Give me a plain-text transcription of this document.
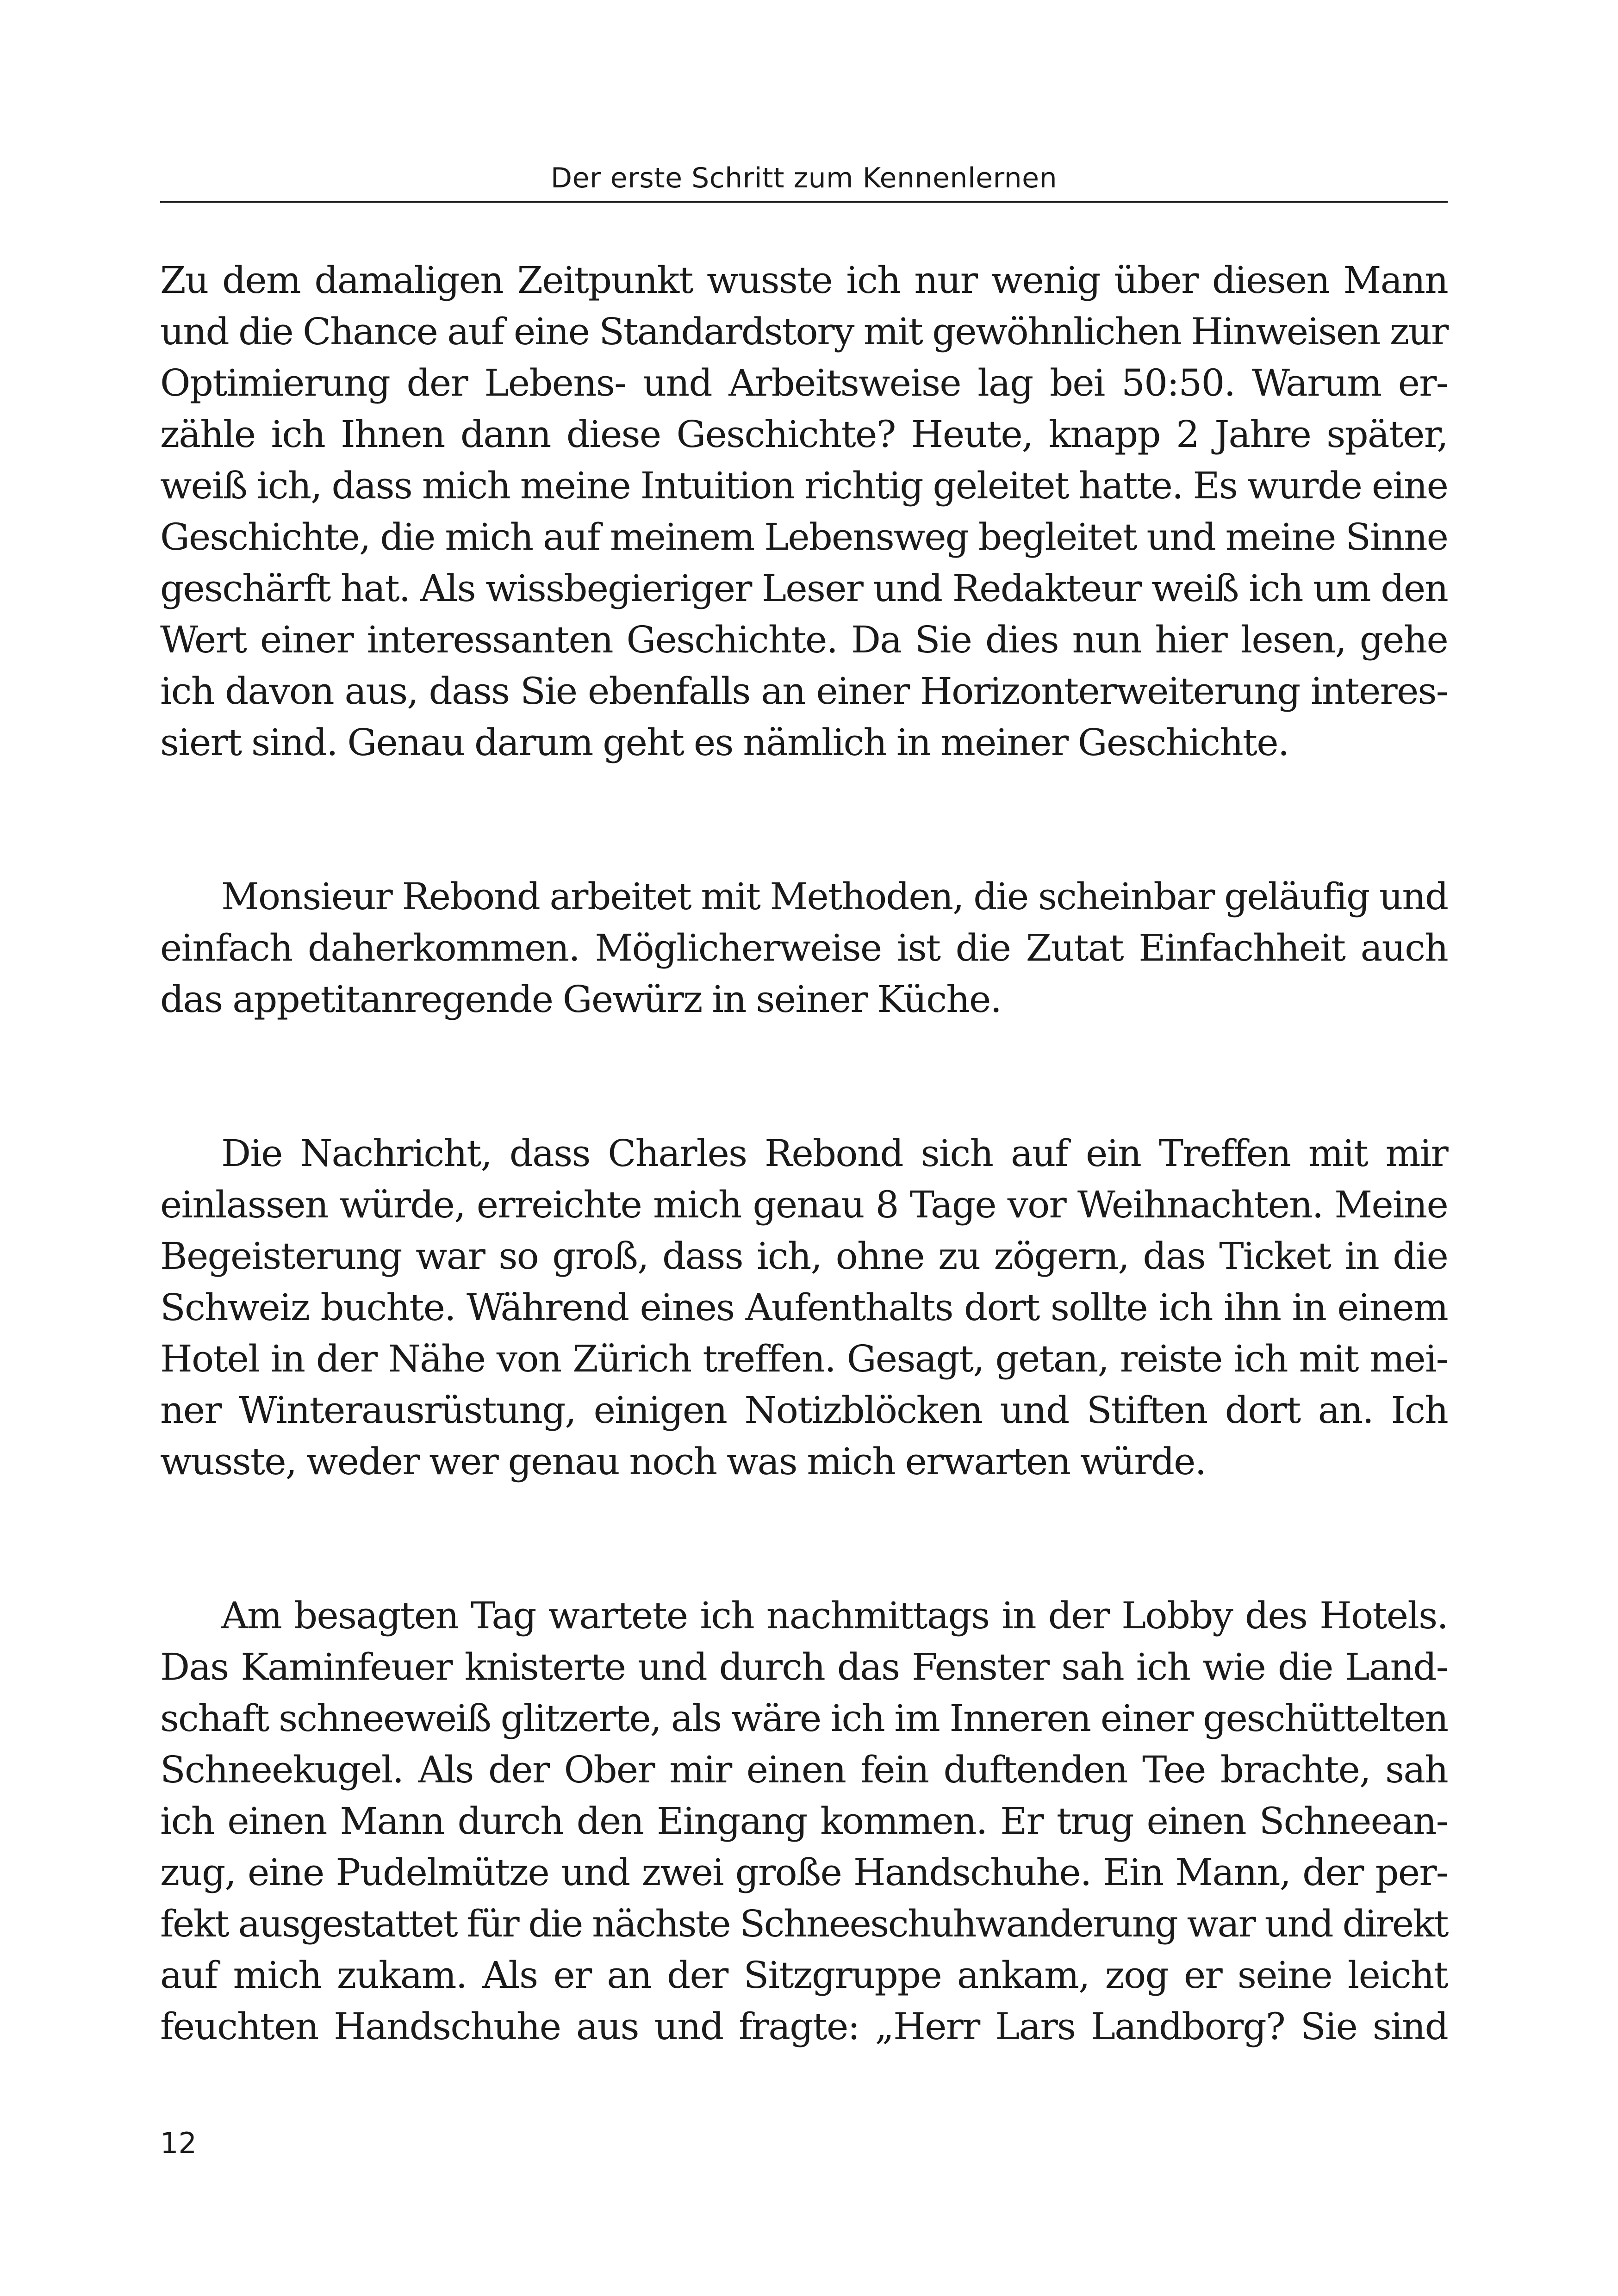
Der erste Schritt zum Kennenlernen

Zu dem damaligen Zeitpunkt wusste ich nur wenig über diesen Mann
und die Chance auf eine Standardstory mit gewöhnlichen Hinweisen zur
Optimierung der Lebens- und Arbeitsweise lag bei 50:50. Warum er-
zähle ich Ihnen dann diese Geschichte? Heute, knapp 2 Jahre später,
weiß ich, dass mich meine Intuition richtig geleitet hatte. Es wurde eine
Geschichte, die mich auf meinem Lebensweg begleitet und meine Sinne
geschärft hat. Als wissbegieriger Leser und Redakteur weiß ich um den
Wert einer interessanten Geschichte. Da Sie dies nun hier lesen, gehe
ich davon aus, dass Sie ebenfalls an einer Horizonterweiterung interes-
siert sind. Genau darum geht es nämlich in meiner Geschichte.

Monsieur Rebond arbeitet mit Methoden, die scheinbar geläufig und
einfach daherkommen. Möglicherweise ist die Zutat Einfachheit auch
das appetitanregende Gewürz in seiner Küche.

Die Nachricht, dass Charles Rebond sich auf ein Treffen mit mir
einlassen würde, erreichte mich genau 8 Tage vor Weihnachten. Meine
Begeisterung war so groß, dass ich, ohne zu zögern, das Ticket in die
Schweiz buchte. Während eines Aufenthalts dort sollte ich ihn in einem
Hotel in der Nähe von Zürich treffen. Gesagt, getan, reiste ich mit mei-
ner Winterausrüstung, einigen Notizblöcken und Stiften dort an. Ich
wusste, weder wer genau noch was mich erwarten würde.

Am besagten Tag wartete ich nachmittags in der Lobby des Hotels.
Das Kaminfeuer knisterte und durch das Fenster sah ich wie die Land-
schaft schneeweiß glitzerte, als wäre ich im Inneren einer geschüttelten
Schneekugel. Als der Ober mir einen fein duftenden Tee brachte, sah
ich einen Mann durch den Eingang kommen. Er trug einen Schneean-
zug, eine Pudelmütze und zwei große Handschuhe. Ein Mann, der per-
fekt ausgestattet für die nächste Schneeschuhwanderung war und direkt
auf mich zukam. Als er an der Sitzgruppe ankam, zog er seine leicht
feuchten Handschuhe aus und fragte: „Herr Lars Landborg? Sie sind

12
